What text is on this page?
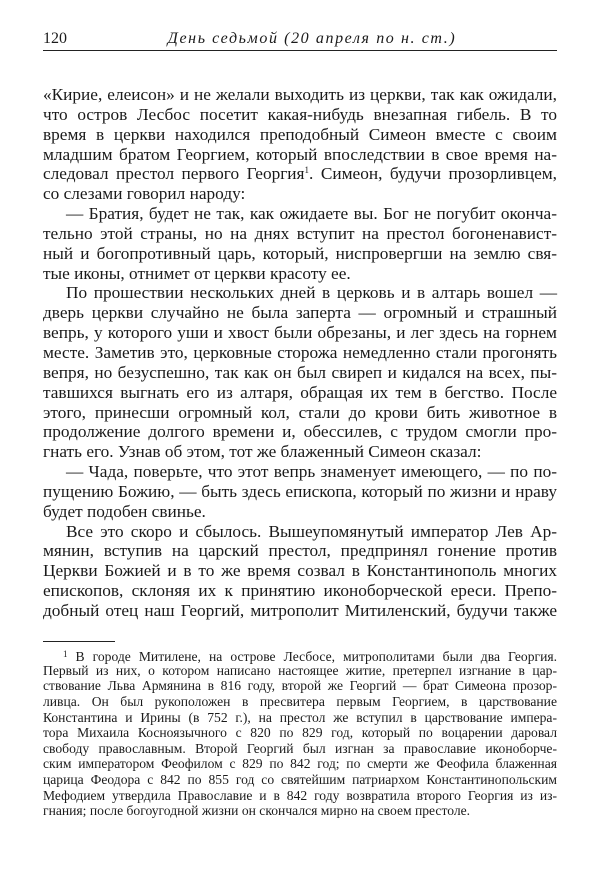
120	День седьмой (20 апреля по н. ст.)
«Кирие, елеисон» и не желали выходить из церкви, так как ожидали,
что остров Лесбос посетит какая-нибудь внезапная гибель. В то
время в церкви находился преподобный Симеон вместе с своим
младшим братом Георгием, который впоследствии в свое время на-
следовал престол первого Георгия$^1$. Симеон, будучи прозорливцем,
со слезами говорил народу:
— Братия, будет не так, как ожидаете вы. Бог не погубит оконча-
тельно этой страны, но на днях вступит на престол богоненавист-
ный и богопротивный царь, который, ниспровергши на землю свя-
тые иконы, отнимет от церкви красоту ее.
По прошествии нескольких дней в церковь и в алтарь вошел —
дверь церкви случайно не была заперта — огромный и страшный
вепрь, у которого уши и хвост были обрезаны, и лег здесь на горнем
месте. Заметив это, церковные сторожа немедленно стали прогонять
вепря, но безуспешно, так как он был свиреп и кидался на всех, пы-
тавшихся выгнать его из алтаря, обращая их тем в бегство. После
этого, принесши огромный кол, стали до крови бить животное в
продолжение долгого времени и, обессилев, с трудом смогли про-
гнать его. Узнав об этом, тот же блаженный Симеон сказал:
— Чада, поверьте, что этот вепрь знаменует имеющего, — по по-
пущению Божию, — быть здесь епископа, который по жизни и нраву
будет подобен свинье.
Все это скоро и сбылось. Вышеупомянутый император Лев Ар-
мянин, вступив на царский престол, предпринял гонение против
Церкви Божией и в то же время созвал в Константинополь многих
епископов, склоняя их к принятию иконоборческой ереси. Препо-
добный отец наш Георгий, митрополит Митиленский, будучи также
$^1$ В городе Митилене, на острове Лесбосе, митрополитами были два Георгия.
Первый из них, о котором написано настоящее житие, претерпел изгнание в цар-
ствование Льва Армянина в 816 году, второй же Георгий — брат Симеона прозор-
ливца. Он был рукоположен в пресвитера первым Георгием, в царствование
Константина и Ирины (в 752 г.), на престол же вступил в царствование импера-
тора Михаила Косноязычного с 820 по 829 год, который по воцарении даровал
свободу православным. Второй Георгий был изгнан за православие иконоборче-
ским императором Феофилом с 829 по 842 год; по смерти же Феофила блаженная
царица Феодора с 842 по 855 год со святейшим патриархом Константинопольским
Мефодием утвердила Православие и в 842 году возвратила второго Георгия из из-
гнания; после богоугодной жизни он скончался мирно на своем престоле.
